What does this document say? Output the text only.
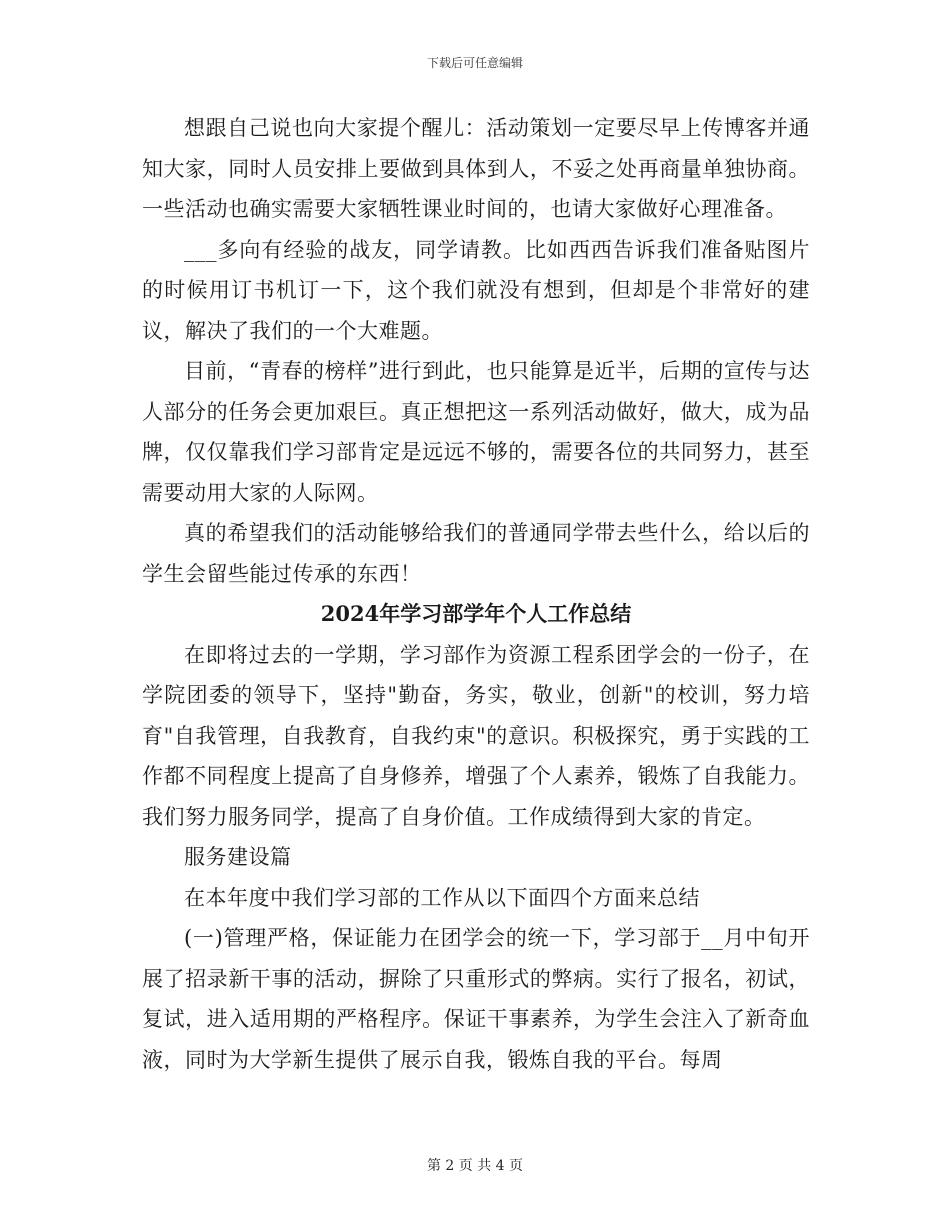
下载后可任意编辑

想跟自己说也向大家提个醒儿：活动策划一定要尽早上传博客并通知大家，同时人员安排上要做到具体到人，不妥之处再商量单独协商。一些活动也确实需要大家牺牲课业时间的，也请大家做好心理准备。

___多向有经验的战友，同学请教。比如西西告诉我们准备贴图片的时候用订书机订一下，这个我们就没有想到，但却是个非常好的建议，解决了我们的一个大难题。

目前，“青春的榜样”进行到此，也只能算是近半，后期的宣传与达人部分的任务会更加艰巨。真正想把这一系列活动做好，做大，成为品牌，仅仅靠我们学习部肯定是远远不够的，需要各位的共同努力，甚至需要动用大家的人际网。

真的希望我们的活动能够给我们的普通同学带去些什么，给以后的学生会留些能过传承的东西！

2024年学习部学年个人工作总结

在即将过去的一学期，学习部作为资源工程系团学会的一份子，在学院团委的领导下，坚持"勤奋，务实，敬业，创新"的校训，努力培育"自我管理，自我教育，自我约束"的意识。积极探究，勇于实践的工作都不同程度上提高了自身修养，增强了个人素养，锻炼了自我能力。我们努力服务同学，提高了自身价值。工作成绩得到大家的肯定。

服务建设篇

在本年度中我们学习部的工作从以下面四个方面来总结

(一)管理严格，保证能力在团学会的统一下，学习部于__月中旬开展了招录新干事的活动，摒除了只重形式的弊病。实行了报名，初试，复试，进入适用期的严格程序。保证干事素养，为学生会注入了新奇血液，同时为大学新生提供了展示自我，锻炼自我的平台。每周

第 2 页 共 4 页
